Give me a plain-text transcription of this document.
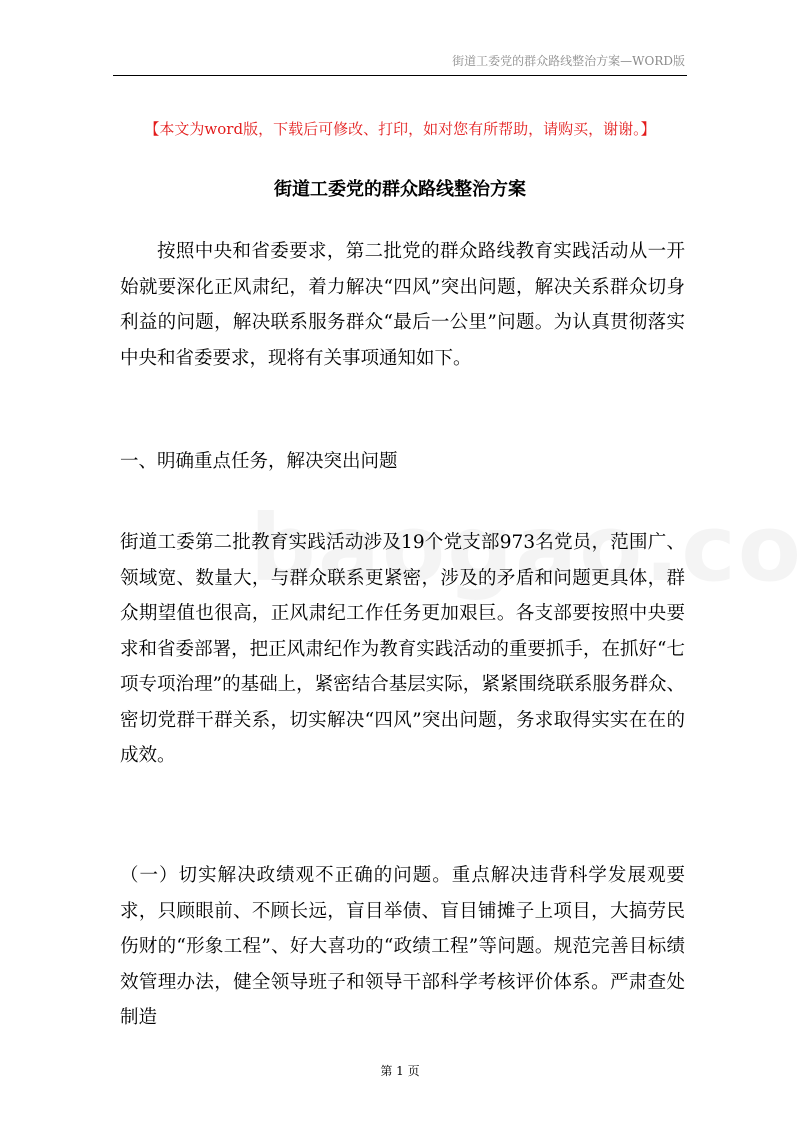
街道工委党的群众路线整治方案—WORD版
【本文为word版，下载后可修改、打印，如对您有所帮助，请购买，谢谢。】
街道工委党的群众路线整治方案

按照中央和省委要求，第二批党的群众路线教育实践活动从一开始就要深化正风肃纪，着力解决“四风”突出问题，解决关系群众切身利益的问题，解决联系服务群众“最后一公里”问题。为认真贯彻落实中央和省委要求，现将有关事项通知如下。

一、明确重点任务，解决突出问题

街道工委第二批教育实践活动涉及19个党支部973名党员，范围广、领域宽、数量大，与群众联系更紧密，涉及的矛盾和问题更具体，群众期望值也很高，正风肃纪工作任务更加艰巨。各支部要按照中央要求和省委部署，把正风肃纪作为教育实践活动的重要抓手，在抓好“七项专项治理”的基础上，紧密结合基层实际，紧紧围绕联系服务群众、密切党群干群关系，切实解决“四风”突出问题，务求取得实实在在的成效。

（一）切实解决政绩观不正确的问题。重点解决违背科学发展观要求，只顾眼前、不顾长远，盲目举债、盲目铺摊子上项目，大搞劳民伤财的“形象工程”、好大喜功的“政绩工程”等问题。规范完善目标绩效管理办法，健全领导班子和领导干部科学考核评价体系。严肃查处制造

第 1 页
